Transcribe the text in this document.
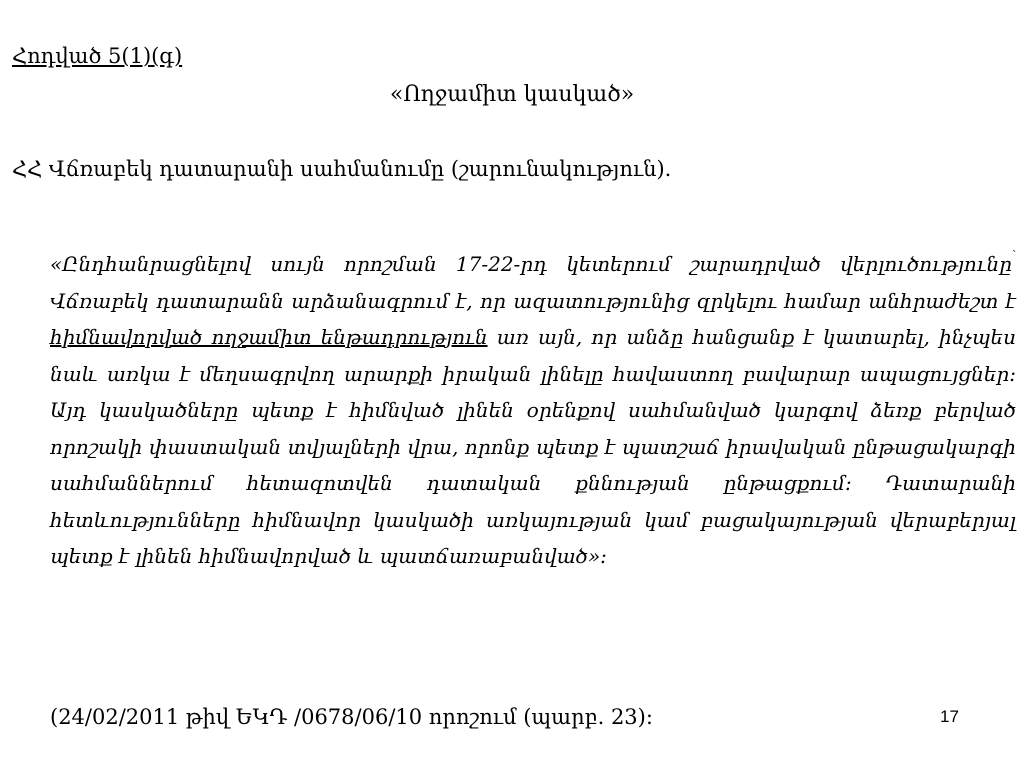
Հոդված 5(1)(գ)
«Ողջամիտ կասկած»
ՀՀ Վճռաբեկ դատարանի սահմանումը (շարունակություն).
«Ընդհանրացնելով սույն որոշման 17-22-րդ կետերում շարադրված վերլուծությունը՝ Վճռաբեկ դատարանն արձանագրում է, որ ազատությունից զրկելու համար անհրաժեշտ է հիմնավորված ողջամիտ ենթադրություն առ այն, որ անձը հանցանք է կատարել, ինչպես նաև առկա է մեղսագրվող արարքի իրական լինելը հավաստող բավարար ապացույցներ: Այդ կասկածները պետք է հիմնված լինեն օրենքով սահմանված կարգով ձեռք բերված որոշակի փաստական տվյալների վրա, որոնք պետք է պատշաճ իրավական ընթացակարգի սահմաններում հետազոտվեն դատական քննության ընթացքում: Դատարանի հետևությունները հիմնավոր կասկածի առկայության կամ բացակայության վերաբերյալ պետք է լինեն հիմնավորված և պատճառաբանված»:
(24/02/2011 թիվ ԵԿԴ /0678/06/10 որոշում (պարբ. 23):	17
